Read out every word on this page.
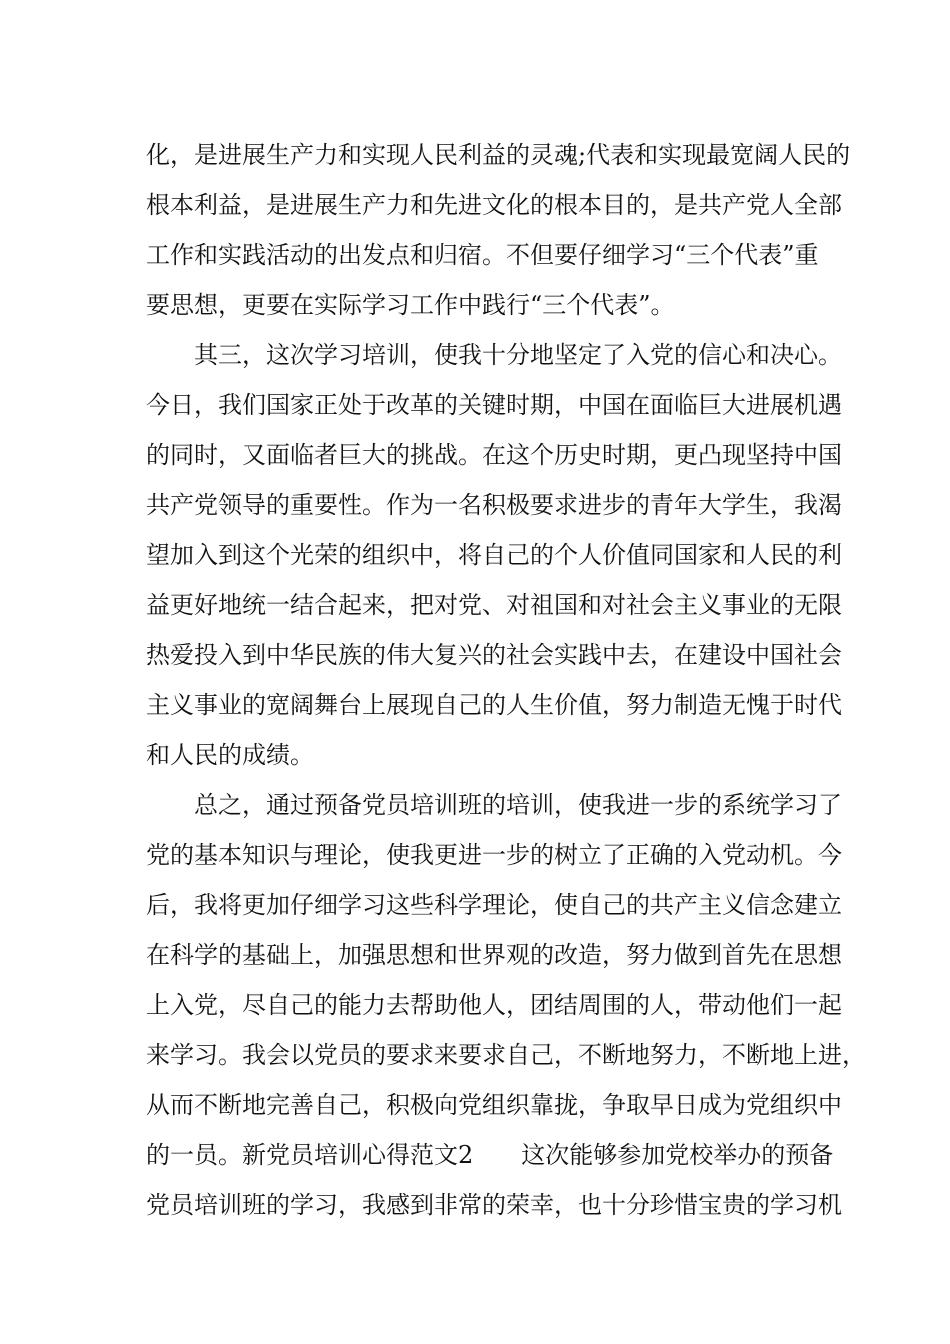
化，是进展生产力和实现人民利益的灵魂;代表和实现最宽阔人民的
根本利益，是进展生产力和先进文化的根本目的，是共产党人全部
工作和实践活动的出发点和归宿。不但要仔细学习“三个代表”重
要思想，更要在实际学习工作中践行“三个代表”。
　　其三，这次学习培训，使我十分地坚定了入党的信心和决心。
今日，我们国家正处于改革的关键时期，中国在面临巨大进展机遇
的同时，又面临者巨大的挑战。在这个历史时期，更凸现坚持中国
共产党领导的重要性。作为一名积极要求进步的青年大学生，我渴
望加入到这个光荣的组织中，将自己的个人价值同国家和人民的利
益更好地统一结合起来，把对党、对祖国和对社会主义事业的无限
热爱投入到中华民族的伟大复兴的社会实践中去，在建设中国社会
主义事业的宽阔舞台上展现自己的人生价值，努力制造无愧于时代
和人民的成绩。
　　总之，通过预备党员培训班的培训，使我进一步的系统学习了
党的基本知识与理论，使我更进一步的树立了正确的入党动机。今
后，我将更加仔细学习这些科学理论，使自己的共产主义信念建立
在科学的基础上，加强思想和世界观的改造，努力做到首先在思想
上入党，尽自己的能力去帮助他人，团结周围的人，带动他们一起
来学习。我会以党员的要求来要求自己，不断地努力，不断地上进，
从而不断地完善自己，积极向党组织靠拢，争取早日成为党组织中
的一员。新党员培训心得范文2　　这次能够参加党校举办的预备
党员培训班的学习，我感到非常的荣幸，也十分珍惜宝贵的学习机
